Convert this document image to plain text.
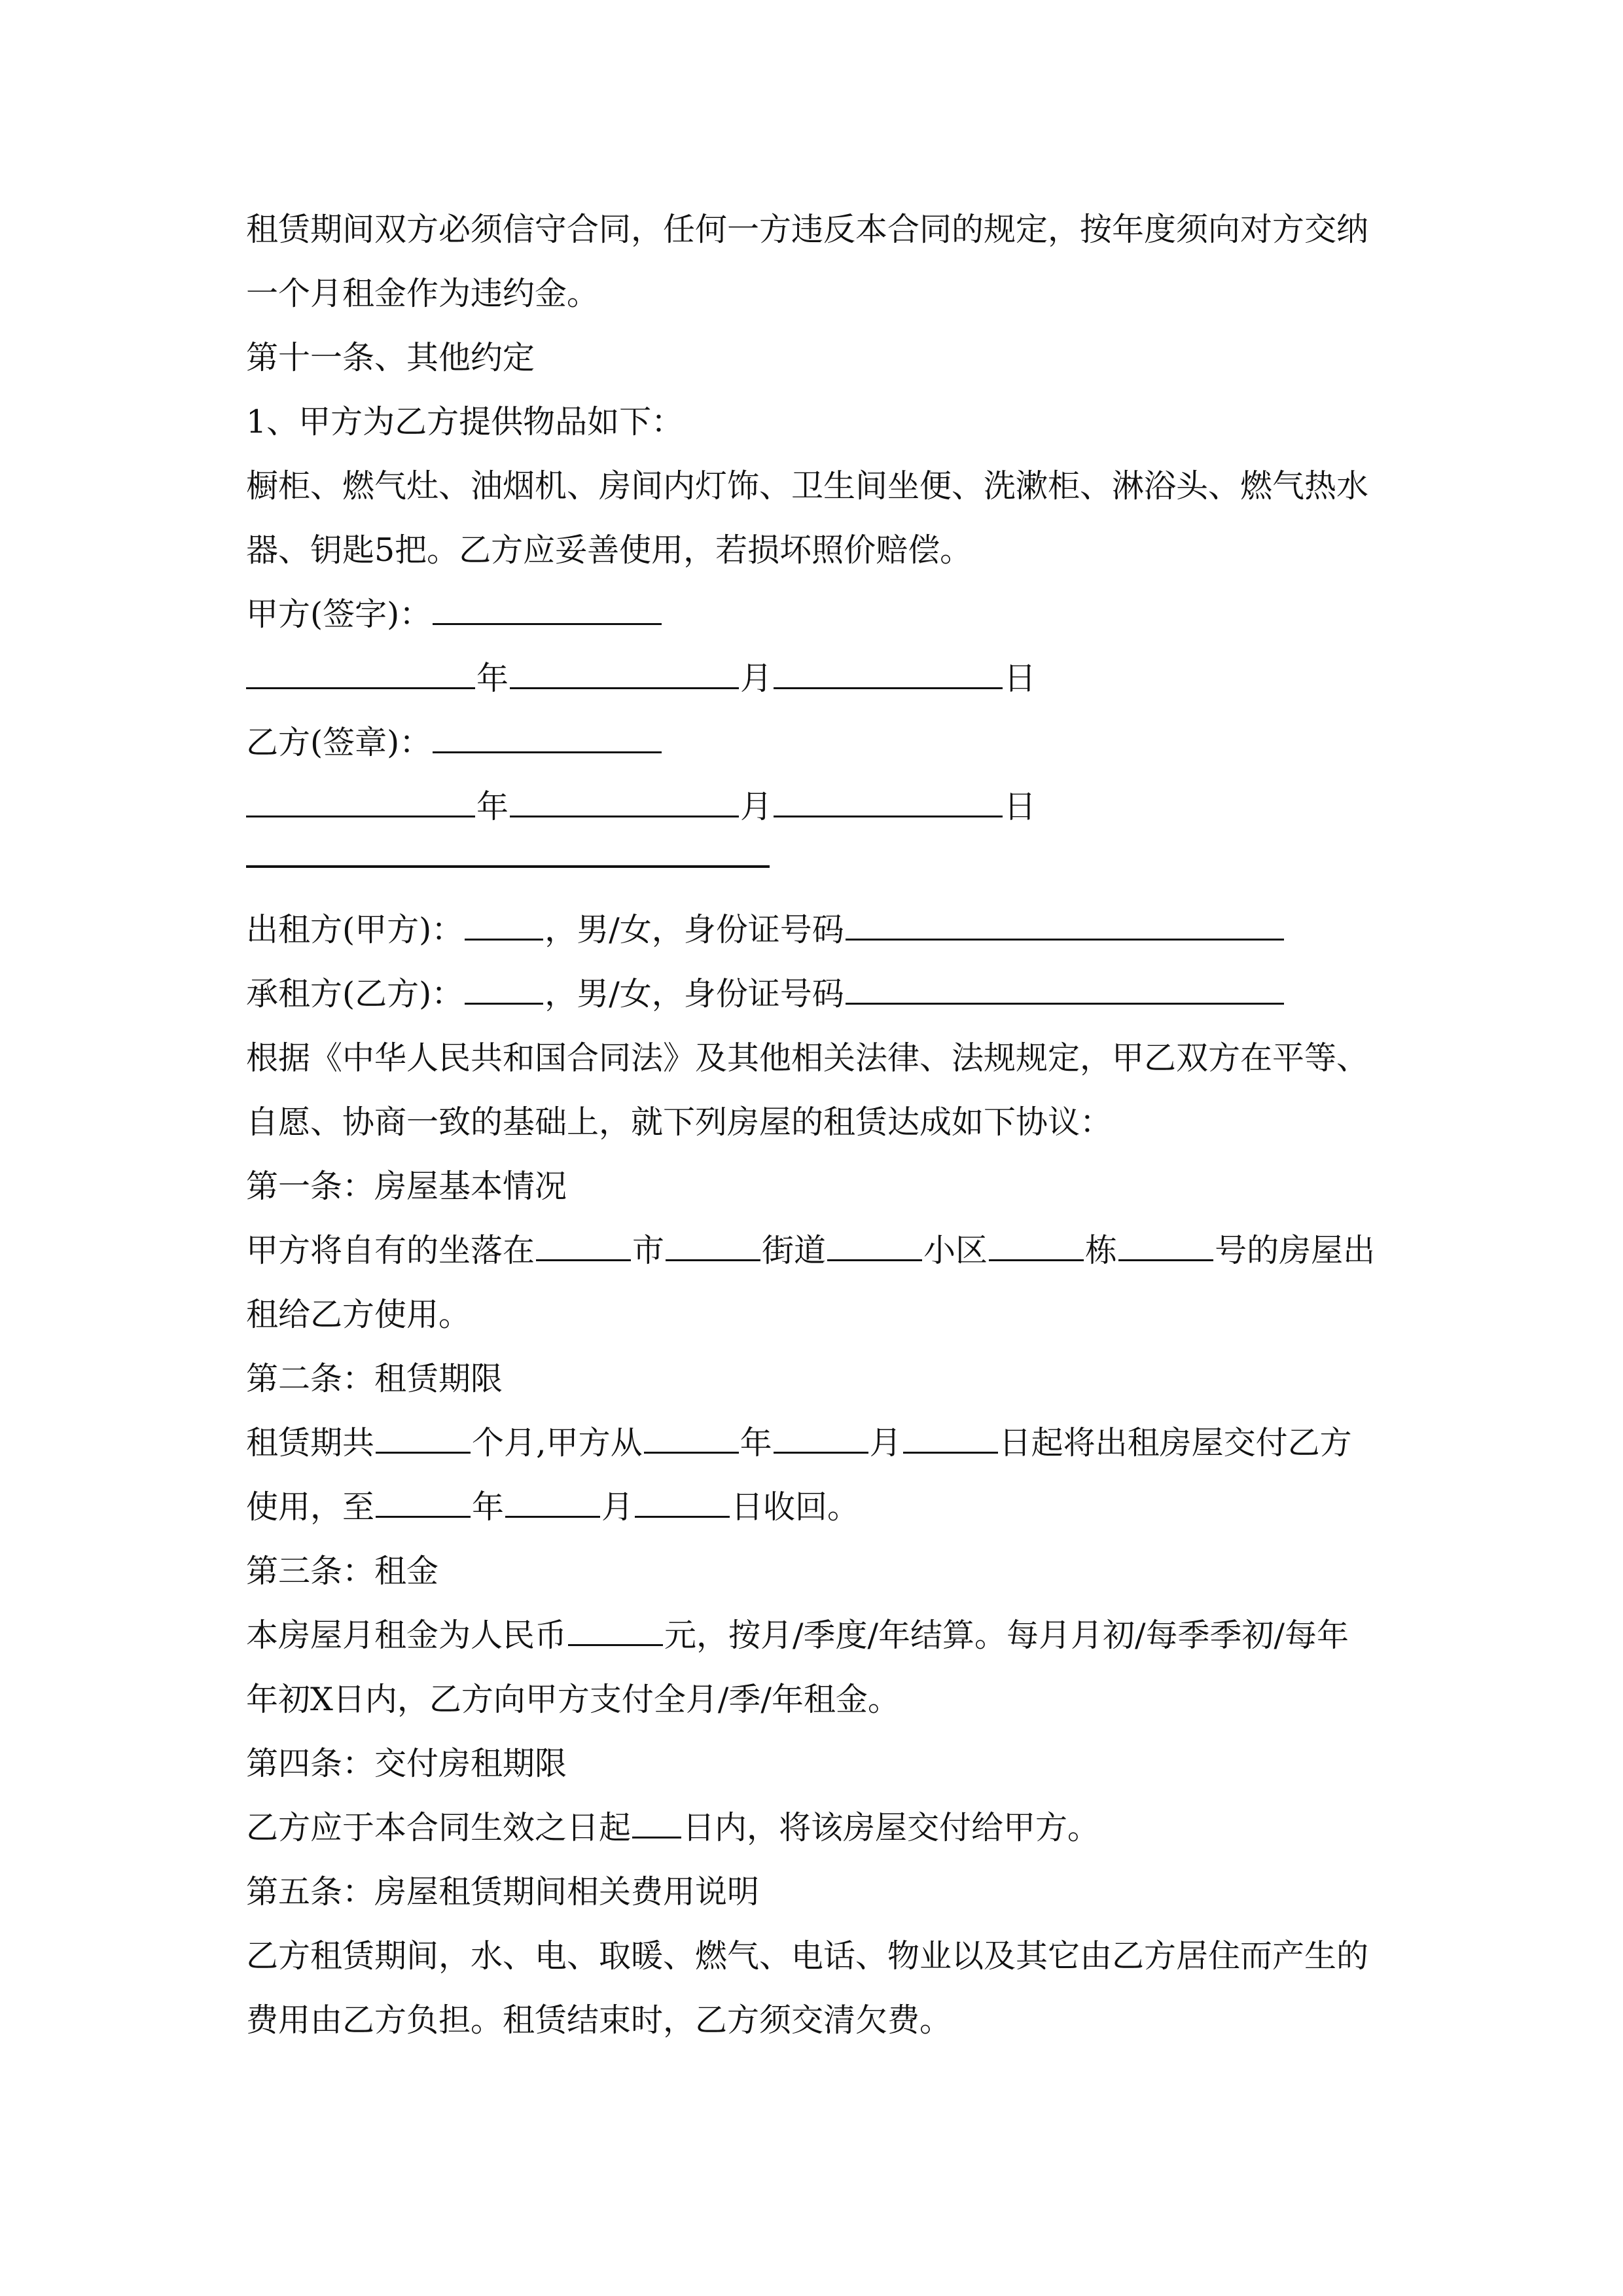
租赁期间双方必须信守合同，任何一方违反本合同的规定，按年度须向对方交纳
一个月租金作为违约金。
第十一条、其他约定
1、甲方为乙方提供物品如下：
橱柜、燃气灶、油烟机、房间内灯饰、卫生间坐便、洗漱柜、淋浴头、燃气热水
器、钥匙5把。乙方应妥善使用，若损坏照价赔偿。
甲方(签字)：
年	月	日
乙方(签章)：
年	月	日
出租方(甲方)：	，男/女，身份证号码
承租方(乙方)：	，男/女，身份证号码
根据《中华人民共和国合同法》及其他相关法律、法规规定，甲乙双方在平等、
自愿、协商一致的基础上，就下列房屋的租赁达成如下协议：
第一条：房屋基本情况
甲方将自有的坐落在	市	街道	小区	栋	号的房屋出
租给乙方使用。
第二条：租赁期限
租赁期共	个月,甲方从	年	月	日起将出租房屋交付乙方
使用，至	年	月	日收回。
第三条：租金
本房屋月租金为人民币	元，按月/季度/年结算。每月月初/每季季初/每年
年初X日内，乙方向甲方支付全月/季/年租金。
第四条：交付房租期限
乙方应于本合同生效之日起 日内，将该房屋交付给甲方。
第五条：房屋租赁期间相关费用说明
乙方租赁期间，水、电、取暖、燃气、电话、物业以及其它由乙方居住而产生的
费用由乙方负担。租赁结束时，乙方须交清欠费。
